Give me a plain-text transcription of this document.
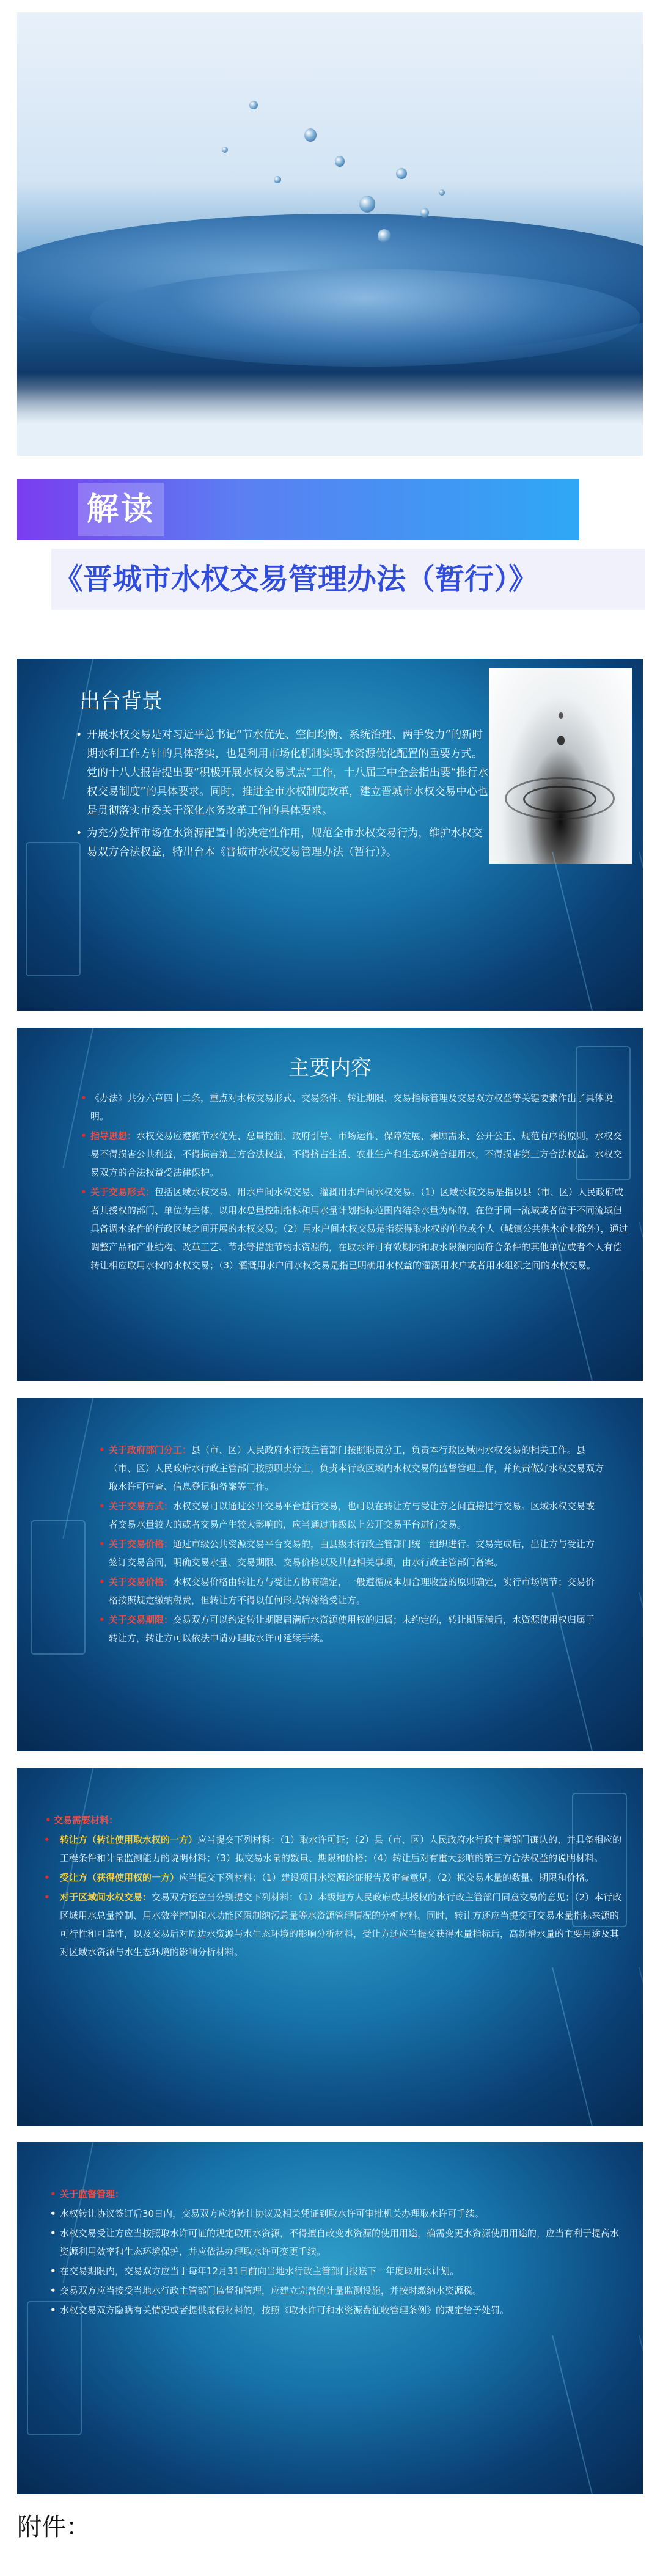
解读
《晋城市水权交易管理办法（暂行）》
出台背景
• 开展水权交易是对习近平总书记“节水优先、空间均衡、系统治理、两手发力”的新时期水利工作方针的具体落实，也是利用市场化机制实现水资源优化配置的重要方式。党的十八大报告提出要“积极开展水权交易试点”工作，十八届三中全会指出要“推行水权交易制度”的具体要求。同时，推进全市水权制度改革，建立晋城市水权交易中心也是贯彻落实市委关于深化水务改革工作的具体要求。
• 为充分发挥市场在水资源配置中的决定性作用，规范全市水权交易行为，维护水权交易双方合法权益，特出台本《晋城市水权交易管理办法（暂行）》。
主要内容

• 《办法》共分六章四十二条，重点对水权交易形式、交易条件、转让期限、交易指标管理及交易双方权益等关键要素作出了具体说明。

• 指导思想：水权交易应遵循节水优先、总量控制、政府引导、市场运作、保障发展、兼顾需求、公开公正、规范有序的原则，水权交易不得损害公共利益，不得损害第三方合法权益，不得挤占生活、农业生产和生态环境合理用水，不得损害第三方合法权益。水权交易双方的合法权益受法律保护。

• 关于交易形式：包括区域水权交易、用水户间水权交易、灌溉用水户间水权交易。（1）区域水权交易是指以县（市、区）人民政府或者其授权的部门、单位为主体，以用水总量控制指标和用水量计划指标范围内结余水量为标的，在位于同一流域或者位于不同流域但具备调水条件的行政区域之间开展的水权交易；（2）用水户间水权交易是指获得取水权的单位或个人（城镇公共供水企业除外），通过调整产品和产业结构、改革工艺、节水等措施节约水资源的，在取水许可有效期内和取水限额内向符合条件的其他单位或者个人有偿转让相应取用水权的水权交易；（3）灌溉用水户间水权交易是指已明确用水权益的灌溉用水户或者用水组织之间的水权交易。

• 关于政府部门分工：县（市、区）人民政府水行政主管部门按照职责分工，负责本行政区域内水权交易的相关工作。县（市、区）人民政府水行政主管部门按照职责分工，负责本行政区域内水权交易的监督管理工作，并负责做好水权交易双方取水许可审查、信息登记和备案等工作。

• 关于交易方式：水权交易可以通过公开交易平台进行交易，也可以在转让方与受让方之间直接进行交易。区域水权交易或者交易水量较大的或者交易产生较大影响的，应当通过市级以上公开交易平台进行交易。

• 关于交易价格：通过市级公共资源交易平台交易的，由县级水行政主管部门统一组织进行。交易完成后，出让方与受让方签订交易合同，明确交易水量、交易期限、交易价格以及其他相关事项，由水行政主管部门备案。

• 关于交易价格：水权交易价格由转让方与受让方协商确定，一般遵循成本加合理收益的原则确定，实行市场调节；交易价格按照规定缴纳税费，但转让方不得以任何形式转嫁给受让方。

• 关于交易期限：交易双方可以约定转让期限届满后水资源使用权的归属；未约定的，转让期届满后，水资源使用权归属于转让方，转让方可以依法申请办理取水许可延续手续。

• 交易需要材料：

• 转让方（转让使用取水权的一方）应当提交下列材料：（1）取水许可证；（2）县（市、区）人民政府水行政主管部门确认的、并具备相应的工程条件和计量监测能力的说明材料；（3）拟交易水量的数量、期限和价格；（4）转让后对有重大影响的第三方合法权益的说明材料。

• 受让方（获得使用权的一方）应当提交下列材料：（1）建设项目水资源论证报告及审查意见；（2）拟交易水量的数量、期限和价格。

• 对于区域间水权交易：交易双方还应当分别提交下列材料：（1）本级地方人民政府或其授权的水行政主管部门同意交易的意见；（2）本行政区域用水总量控制、用水效率控制和水功能区限制纳污总量等水资源管理情况的分析材料。同时，转让方还应当提交可交易水量指标来源的可行性和可靠性，以及交易后对周边水资源与水生态环境的影响分析材料，受让方还应当提交获得水量指标后，高新增水量的主要用途及其对区域水资源与水生态环境的影响分析材料。

• 关于监督管理：

• 水权转让协议签订后30日内，交易双方应将转让协议及相关凭证到取水许可审批机关办理取水许可手续。

• 水权交易受让方应当按照取水许可证的规定取用水资源，不得擅自改变水资源的使用用途，确需变更水资源使用用途的，应当有利于提高水资源利用效率和生态环境保护，并应依法办理取水许可变更手续。

• 在交易期限内，交易双方应当于每年12月31日前向当地水行政主管部门报送下一年度取用水计划。

• 交易双方应当接受当地水行政主管部门监督和管理，应建立完善的计量监测设施，并按时缴纳水资源税。

• 水权交易双方隐瞒有关情况或者提供虚假材料的，按照《取水许可和水资源费征收管理条例》的规定给予处罚。

附件：
